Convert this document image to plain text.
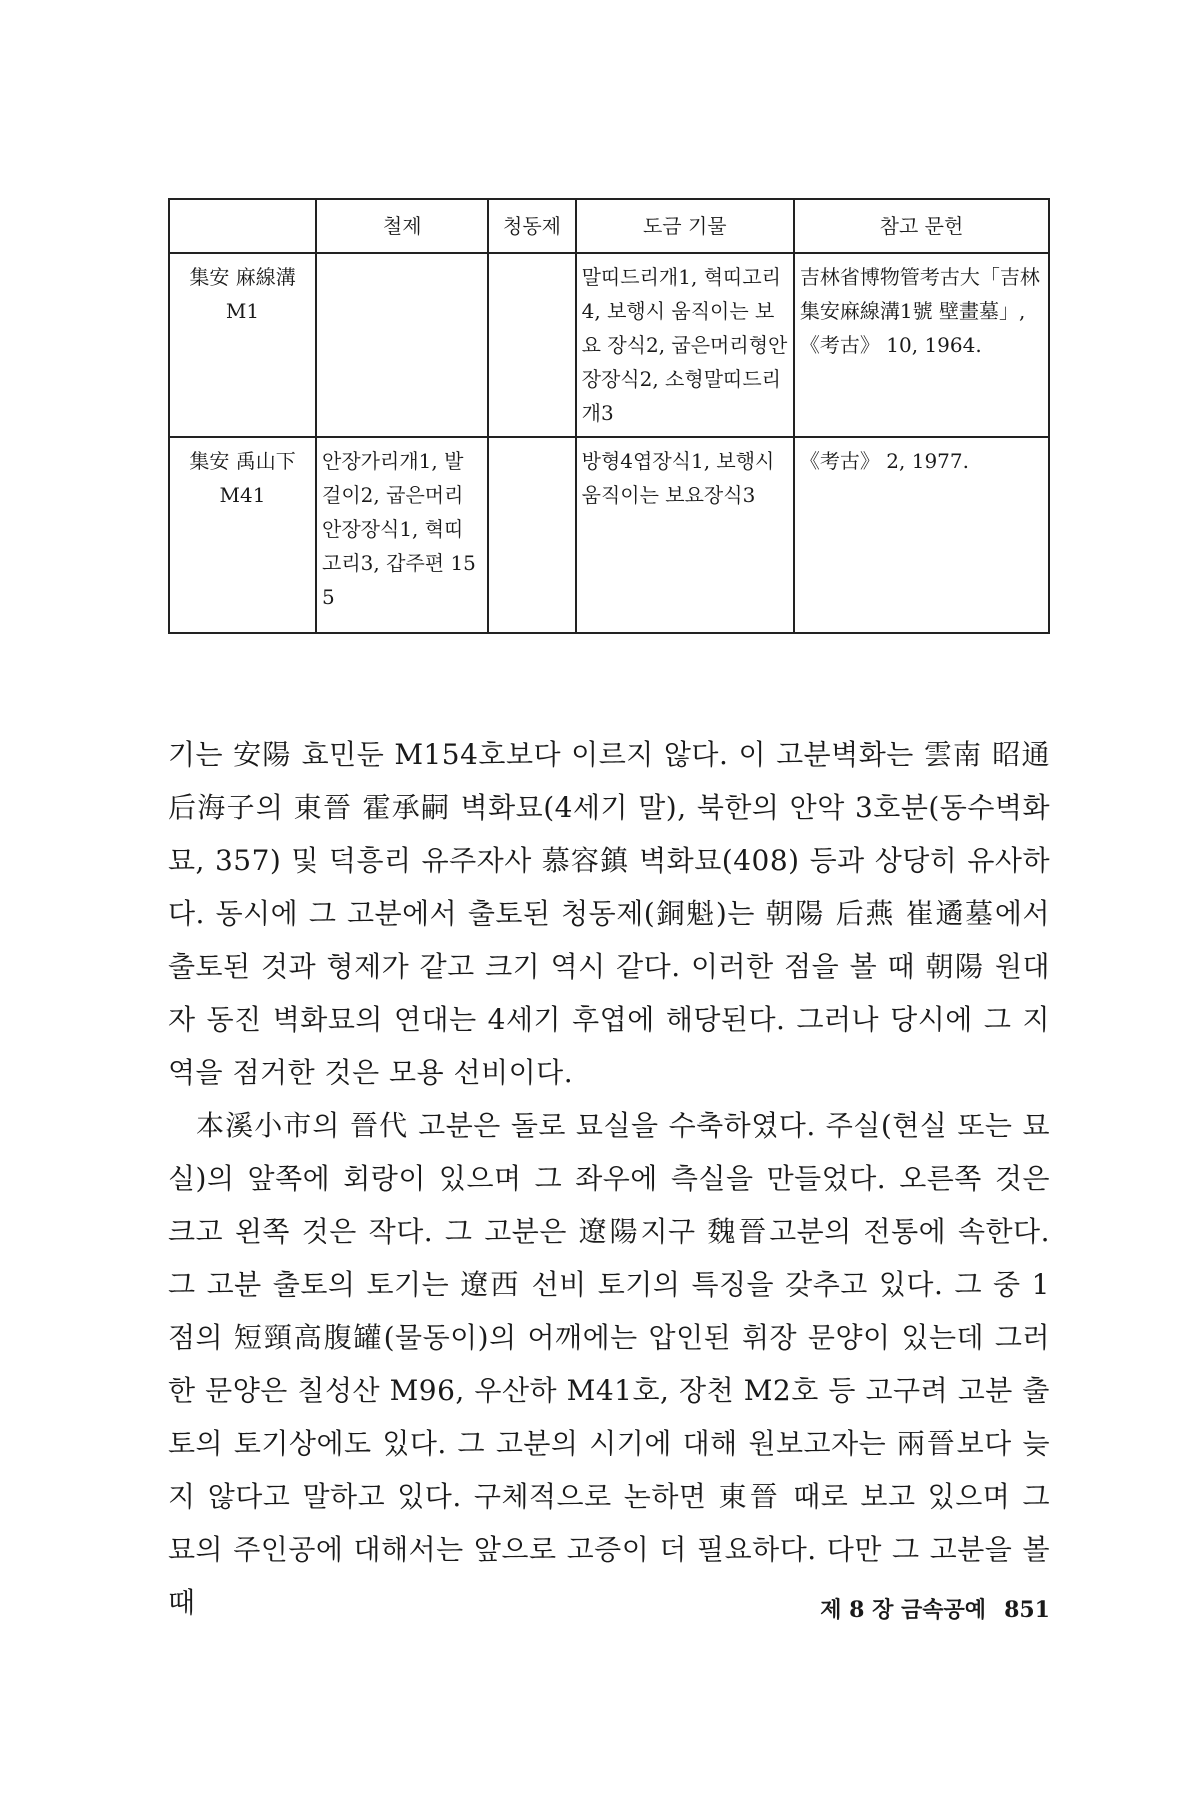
	철제	청동제	도금 기물	참고 문헌

集安 麻線溝
M1			말띠드리개1, 혁띠고리4, 보행시 움직이는 보요 장식2, 굽은머리형안장장식2, 소형말띠드리개3	吉林省博物管考古大「吉林集安麻線溝1號 壁畫墓」, 《考古》 10, 1964.

集安 禹山下
M41	안장가리개1, 발걸이2, 굽은머리안장장식1, 혁띠 고리3, 갑주편 155		방형4엽장식1, 보행시 움직이는 보요장식3	《考古》 2, 1977.

기는 安陽 효민둔 M154호보다 이르지 않다. 이 고분벽화는 雲南 昭通后海子의 東晉 霍承嗣 벽화묘(4세기 말), 북한의 안악 3호분(동수벽화묘, 357) 및 덕흥리 유주자사 慕容鎮 벽화묘(408) 등과 상당히 유사하다. 동시에 그 고분에서 출토된 청동제(銅魁)는 朝陽 后燕 崔遹墓에서 출토된 것과 형제가 같고 크기 역시 같다. 이러한 점을 볼 때 朝陽 원대자 동진 벽화묘의 연대는 4세기 후엽에 해당된다. 그러나 당시에 그 지역을 점거한 것은 모용 선비이다.

本溪小市의 晉代 고분은 돌로 묘실을 수축하였다. 주실(현실 또는 묘실)의 앞쪽에 회랑이 있으며 그 좌우에 측실을 만들었다. 오른쪽 것은 크고 왼쪽 것은 작다. 그 고분은 遼陽지구 魏晉고분의 전통에 속한다. 그 고분 출토의 토기는 遼西 선비 토기의 특징을 갖추고 있다. 그 중 1점의 短頸高腹罐(물동이)의 어깨에는 압인된 휘장 문양이 있는데 그러한 문양은 칠성산 M96, 우산하 M41호, 장천 M2호 등 고구려 고분 출토의 토기상에도 있다. 그 고분의 시기에 대해 원보고자는 兩晉보다 늦지 않다고 말하고 있다. 구체적으로 논하면 東晉 때로 보고 있으며 그 묘의 주인공에 대해서는 앞으로 고증이 더 필요하다. 다만 그 고분을 볼 때	제 8 장 금속공예 851
